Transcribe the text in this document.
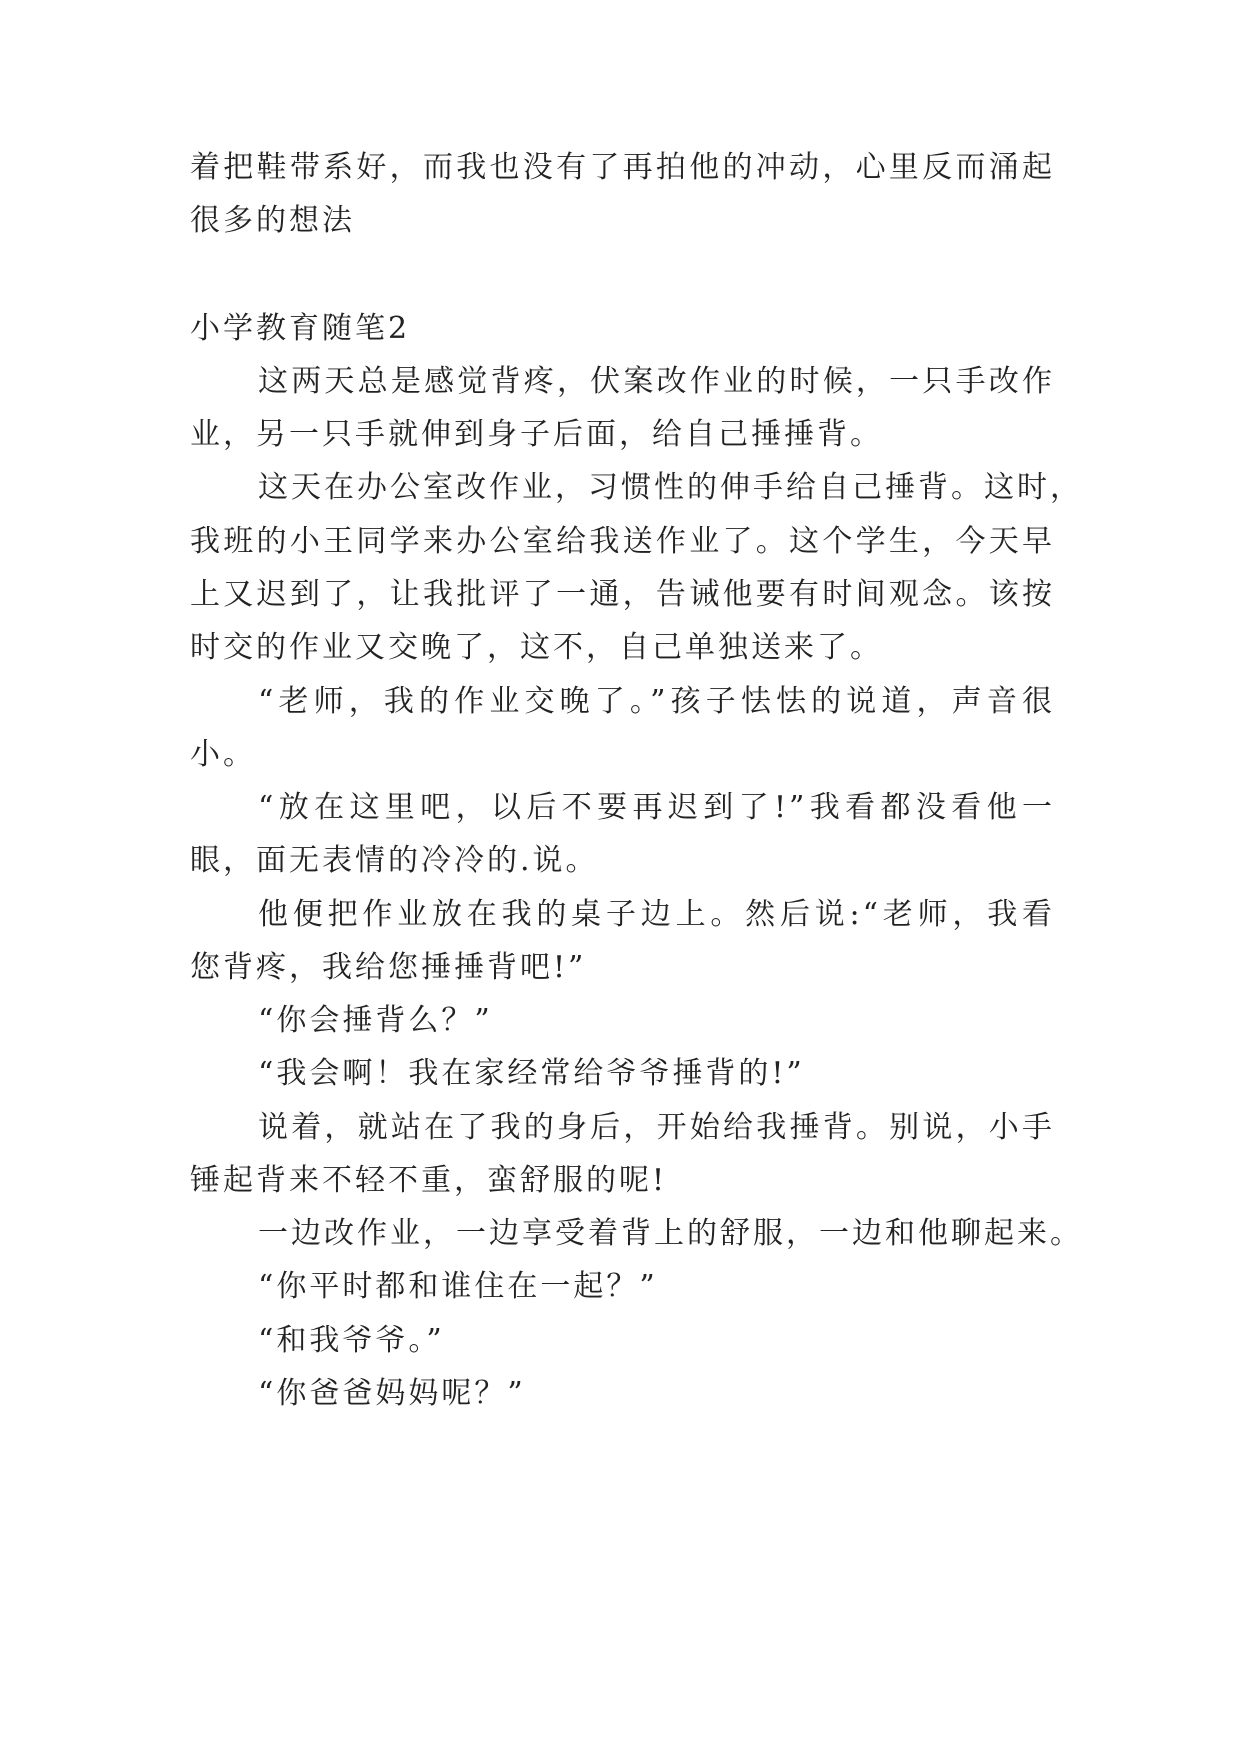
着把鞋带系好，而我也没有了再拍他的冲动，心里反而涌起
很多的想法
小学教育随笔2
这两天总是感觉背疼，伏案改作业的时候，一只手改作
业，另一只手就伸到身子后面，给自己捶捶背。
这天在办公室改作业，习惯性的伸手给自己捶背。这时，
我班的小王同学来办公室给我送作业了。这个学生，今天早
上又迟到了，让我批评了一通，告诫他要有时间观念。该按
时交的作业又交晚了，这不，自己单独送来了。
“老师，我的作业交晚了。”孩子怯怯的说道，声音很
小。
“放在这里吧，以后不要再迟到了!”我看都没看他一
眼，面无表情的冷冷的.说。
他便把作业放在我的桌子边上。然后说:“老师，我看
您背疼，我给您捶捶背吧!”
“你会捶背么？”
“我会啊！我在家经常给爷爷捶背的!”
说着，就站在了我的身后，开始给我捶背。别说，小手
锤起背来不轻不重，蛮舒服的呢!
一边改作业，一边享受着背上的舒服，一边和他聊起来。
“你平时都和谁住在一起？”
“和我爷爷。”
“你爸爸妈妈呢？”
